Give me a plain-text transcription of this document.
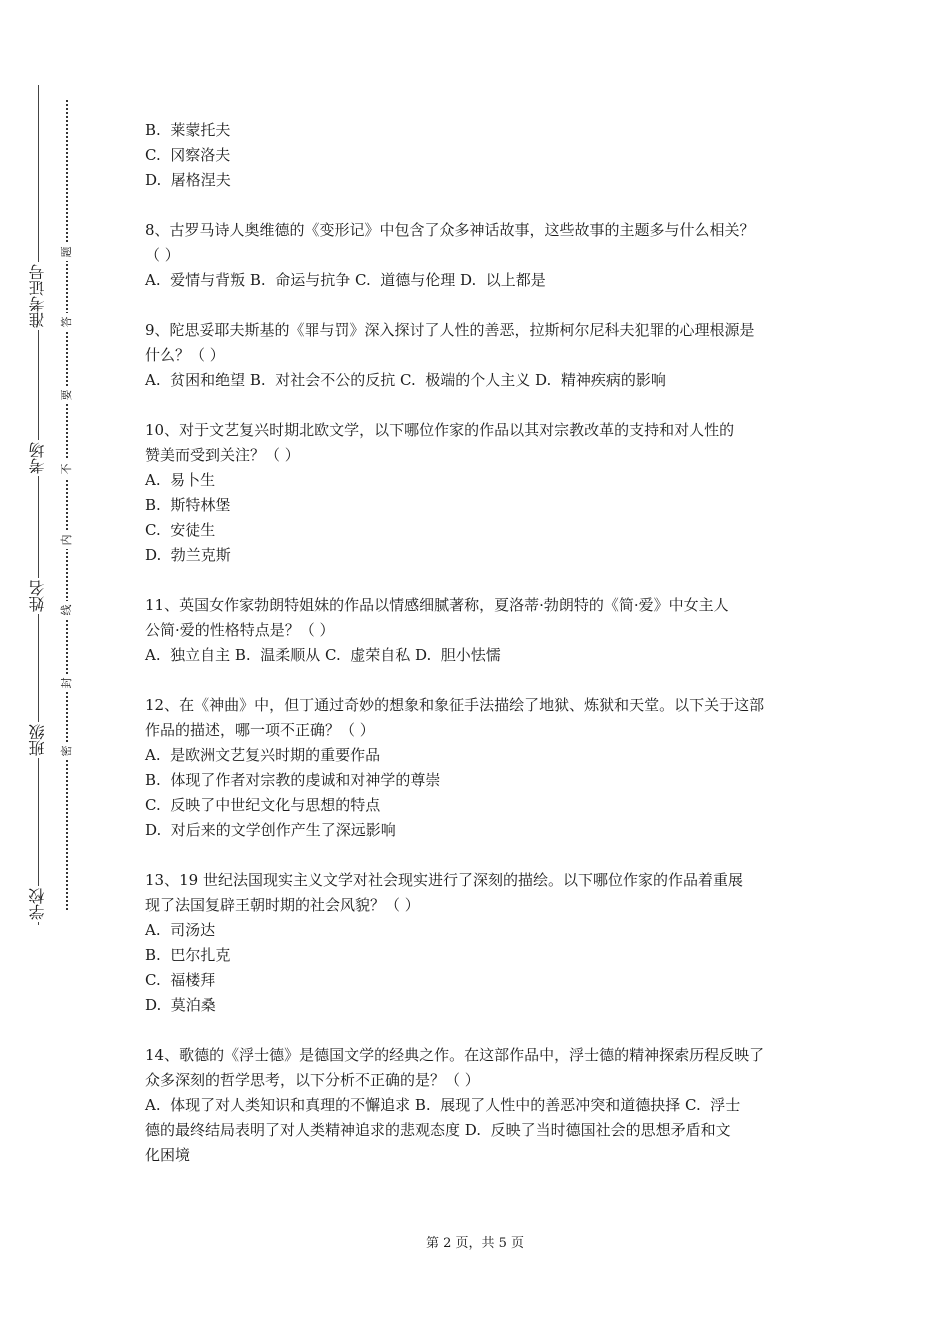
准考证号
考场
姓名
班级
学校
题
答
要
不
内
线
封
密
B.  莱蒙托夫
C.  冈察洛夫
D.  屠格涅夫
8、古罗马诗人奥维德的《变形记》中包含了众多神话故事，这些故事的主题多与什么相关？
（ ）
A.  爱情与背叛 B.  命运与抗争 C.  道德与伦理 D.  以上都是
9、陀思妥耶夫斯基的《罪与罚》深入探讨了人性的善恶，拉斯柯尔尼科夫犯罪的心理根源是
什么？（ ）
A.  贫困和绝望 B.  对社会不公的反抗 C.  极端的个人主义 D.  精神疾病的影响
10、对于文艺复兴时期北欧文学，以下哪位作家的作品以其对宗教改革的支持和对人性的
赞美而受到关注？（ ）
A.  易卜生
B.  斯特林堡
C.  安徒生
D.  勃兰克斯
11、英国女作家勃朗特姐妹的作品以情感细腻著称，夏洛蒂·勃朗特的《简·爱》中女主人
公简·爱的性格特点是？（ ）
A.  独立自主 B.  温柔顺从 C.  虚荣自私 D.  胆小怯懦
12、在《神曲》中，但丁通过奇妙的想象和象征手法描绘了地狱、炼狱和天堂。以下关于这部
作品的描述，哪一项不正确？（ ）
A.  是欧洲文艺复兴时期的重要作品
B.  体现了作者对宗教的虔诚和对神学的尊崇
C.  反映了中世纪文化与思想的特点
D.  对后来的文学创作产生了深远影响
13、19 世纪法国现实主义文学对社会现实进行了深刻的描绘。以下哪位作家的作品着重展
现了法国复辟王朝时期的社会风貌？（ ）
A.  司汤达
B.  巴尔扎克
C.  福楼拜
D.  莫泊桑
14、歌德的《浮士德》是德国文学的经典之作。在这部作品中，浮士德的精神探索历程反映了
众多深刻的哲学思考，以下分析不正确的是？（ ）
A.  体现了对人类知识和真理的不懈追求 B.  展现了人性中的善恶冲突和道德抉择 C.  浮士
德的最终结局表明了对人类精神追求的悲观态度 D.  反映了当时德国社会的思想矛盾和文
化困境
第 2 页，共 5 页
